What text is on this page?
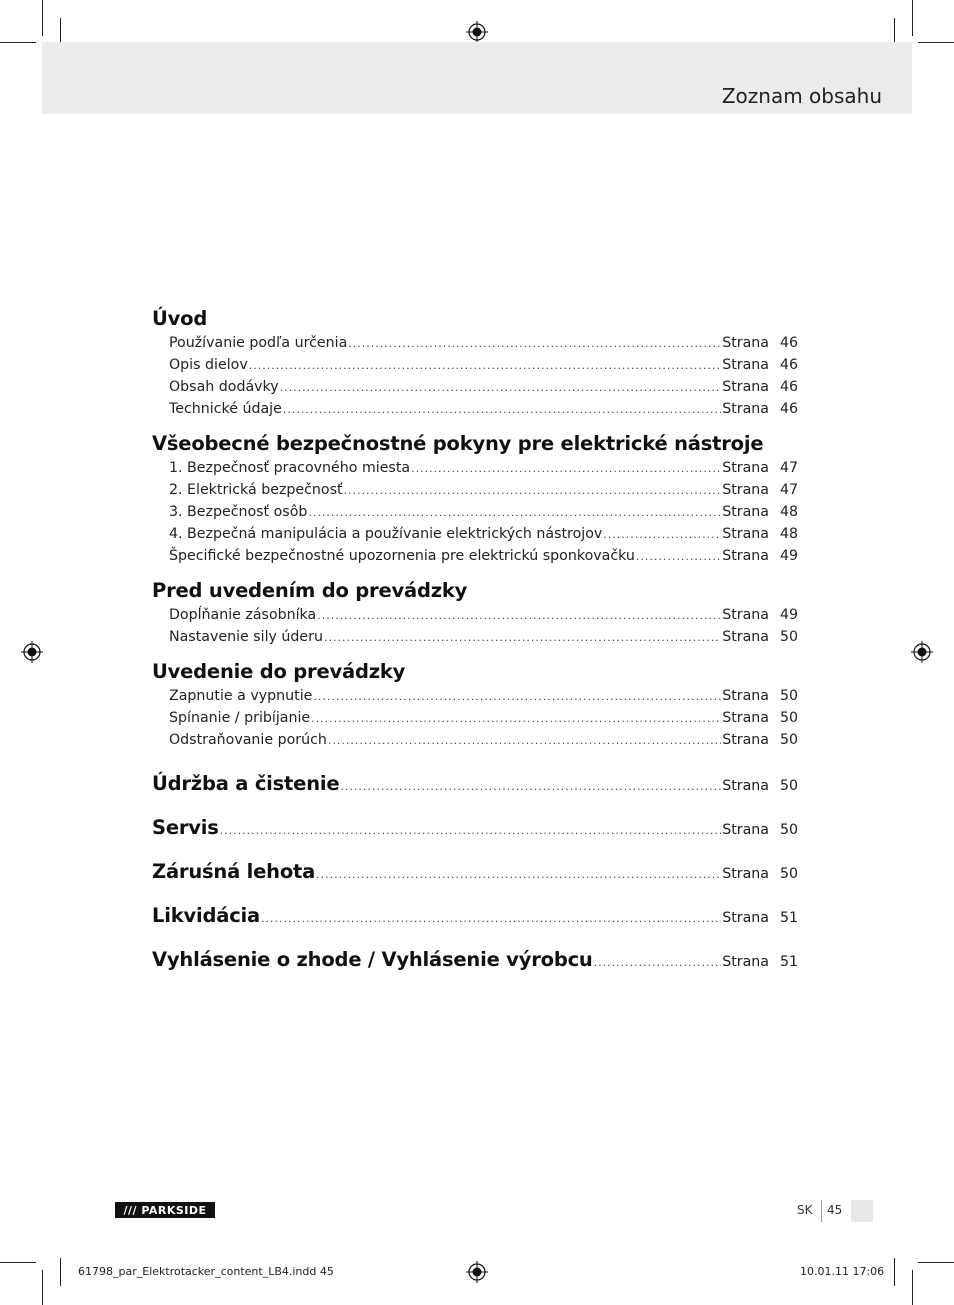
Zoznam obsahu
Úvod
Používanie podľa určenia .....	Strana 46
Opis dielov .....	Strana 46
Obsah dodávky .....	Strana 46
Technické údaje .....	Strana 46
Všeobecné bezpečnostné pokyny pre elektrické nástroje
1. Bezpečnosť pracovného miesta .....	Strana 47
2. Elektrická bezpečnosť .....	Strana 47
3. Bezpečnosť osôb .....	Strana 48
4. Bezpečná manipulácia a používanie elektrických nástrojov .....	Strana 48
Špecifické bezpečnostné upozornenia pre elektrickú sponkovačku .....	Strana 49
Pred uvedením do prevádzky
Dopĺňanie zásobníka .....	Strana 49
Nastavenie sily úderu .....	Strana 50
Uvedenie do prevádzky
Zapnutie a vypnutie .....	Strana 50
Spínanie / pribíjanie .....	Strana 50
Odstraňovanie porúch .....	Strana 50
Údržba a čistenie .....	Strana 50
Servis .....	Strana 50
Záruśná lehota .....	Strana 50
Likvidácia .....	Strana 51
Vyhlásenie o zhode / Vyhlásenie výrobcu .....	Strana 51
/// PARKSIDE	SK 45
61798_par_Elektrotacker_content_LB4.indd 45	10.01.11 17:06
